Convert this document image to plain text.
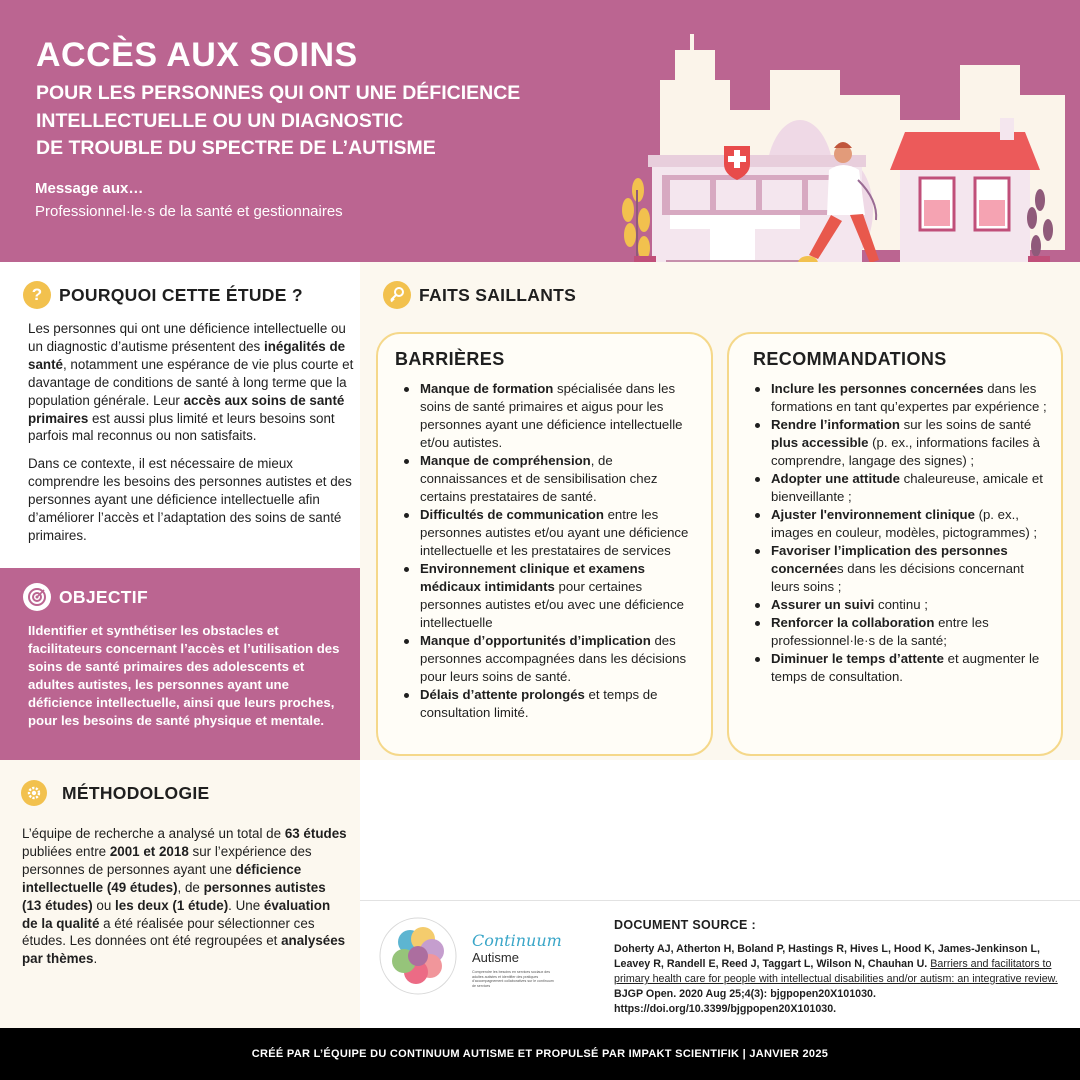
ACCÈS AUX SOINS
POUR LES PERSONNES QUI ONT UNE DÉFICIENCE
INTELLECTUELLE OU UN DIAGNOSTIC
DE TROUBLE DU SPECTRE DE L’AUTISME
Message aux…
Professionnel·le·s de la santé et gestionnaires
? POURQUOI CETTE ÉTUDE ?

Les personnes qui ont une déficience intellectuelle ou un diagnostic d’autisme présentent des inégalités de santé, notamment une espérance de vie plus courte et davantage de conditions de santé à long terme que la population générale. Leur accès aux soins de santé primaires est aussi plus limité et leurs besoins sont parfois mal reconnus ou non satisfaits.

Dans ce contexte, il est nécessaire de mieux comprendre les besoins des personnes autistes et des personnes ayant une déficience intellectuelle afin d’améliorer l’accès et l’adaptation des soins de santé primaires.

OBJECTIF
IIdentifier et synthétiser les obstacles et facilitateurs concernant l’accès et l’utilisation des soins de santé primaires des adolescents et adultes autistes, les personnes ayant une déficience intellectuelle, ainsi que leurs proches, pour les besoins de santé physique et mentale.
MÉTHODOLOGIE

L’équipe de recherche a analysé un total de 63 études publiées entre 2001 et 2018 sur l’expérience des personnes de personnes ayant une déficience intellectuelle (49 études), de personnes autistes (13 études) ou les deux (1 étude). Une évaluation de la qualité a été réalisée pour sélectionner ces études. Les données ont été regroupées et analysées par thèmes.

FAITS SAILLANTS
BARRIÈRES
Manque de formation spécialisée dans les soins de santé primaires et aigus pour les personnes ayant une déficience intellectuelle et/ou autistes.
Manque de compréhension, de connaissances et de sensibilisation chez certains prestataires de santé.
Difficultés de communication entre les personnes autistes et/ou ayant une déficience intellectuelle et les prestataires de services
Environnement clinique et examens médicaux intimidants pour certaines personnes autistes et/ou avec une déficience intellectuelle
Manque d’opportunités d’implication des personnes accompagnées dans les décisions pour leurs soins de santé.
Délais d’attente prolongés et temps de consultation limité.
RECOMMANDATIONS
Inclure les personnes concernées dans les formations en tant qu’expertes par expérience ;
Rendre l’information sur les soins de santé plus accessible (p. ex., informations faciles à comprendre, langage des signes) ;
Adopter une attitude chaleureuse, amicale et bienveillante ;
Ajuster l'environnement clinique (p. ex., images en couleur, modèles, pictogrammes) ;
Favoriser l’implication des personnes concernées dans les décisions concernant leurs soins ;
Assurer un suivi continu ;
Renforcer la collaboration entre les professionnel·le·s de la santé;
Diminuer le temps d’attente et augmenter le temps de consultation.
Continuum
Autisme
Comprendre les besoins en services sociaux des adultes autistes et identifier des pratiques d’accompagnement collaboratives sur le continuum de services
DOCUMENT SOURCE :
Doherty AJ, Atherton H, Boland P, Hastings R, Hives L, Hood K, James-Jenkinson L, Leavey R, Randell E, Reed J, Taggart L, Wilson N, Chauhan U. Barriers and facilitators to primary health care for people with intellectual disabilities and/or autism: an integrative review. BJGP Open. 2020 Aug 25;4(3): bjgpopen20X101030. https://doi.org/10.3399/bjgpopen20X101030.
CRÉÉ PAR L’ÉQUIPE DU CONTINUUM AUTISME ET PROPULSÉ PAR IMPAKT SCIENTIFIK | JANVIER 2025
